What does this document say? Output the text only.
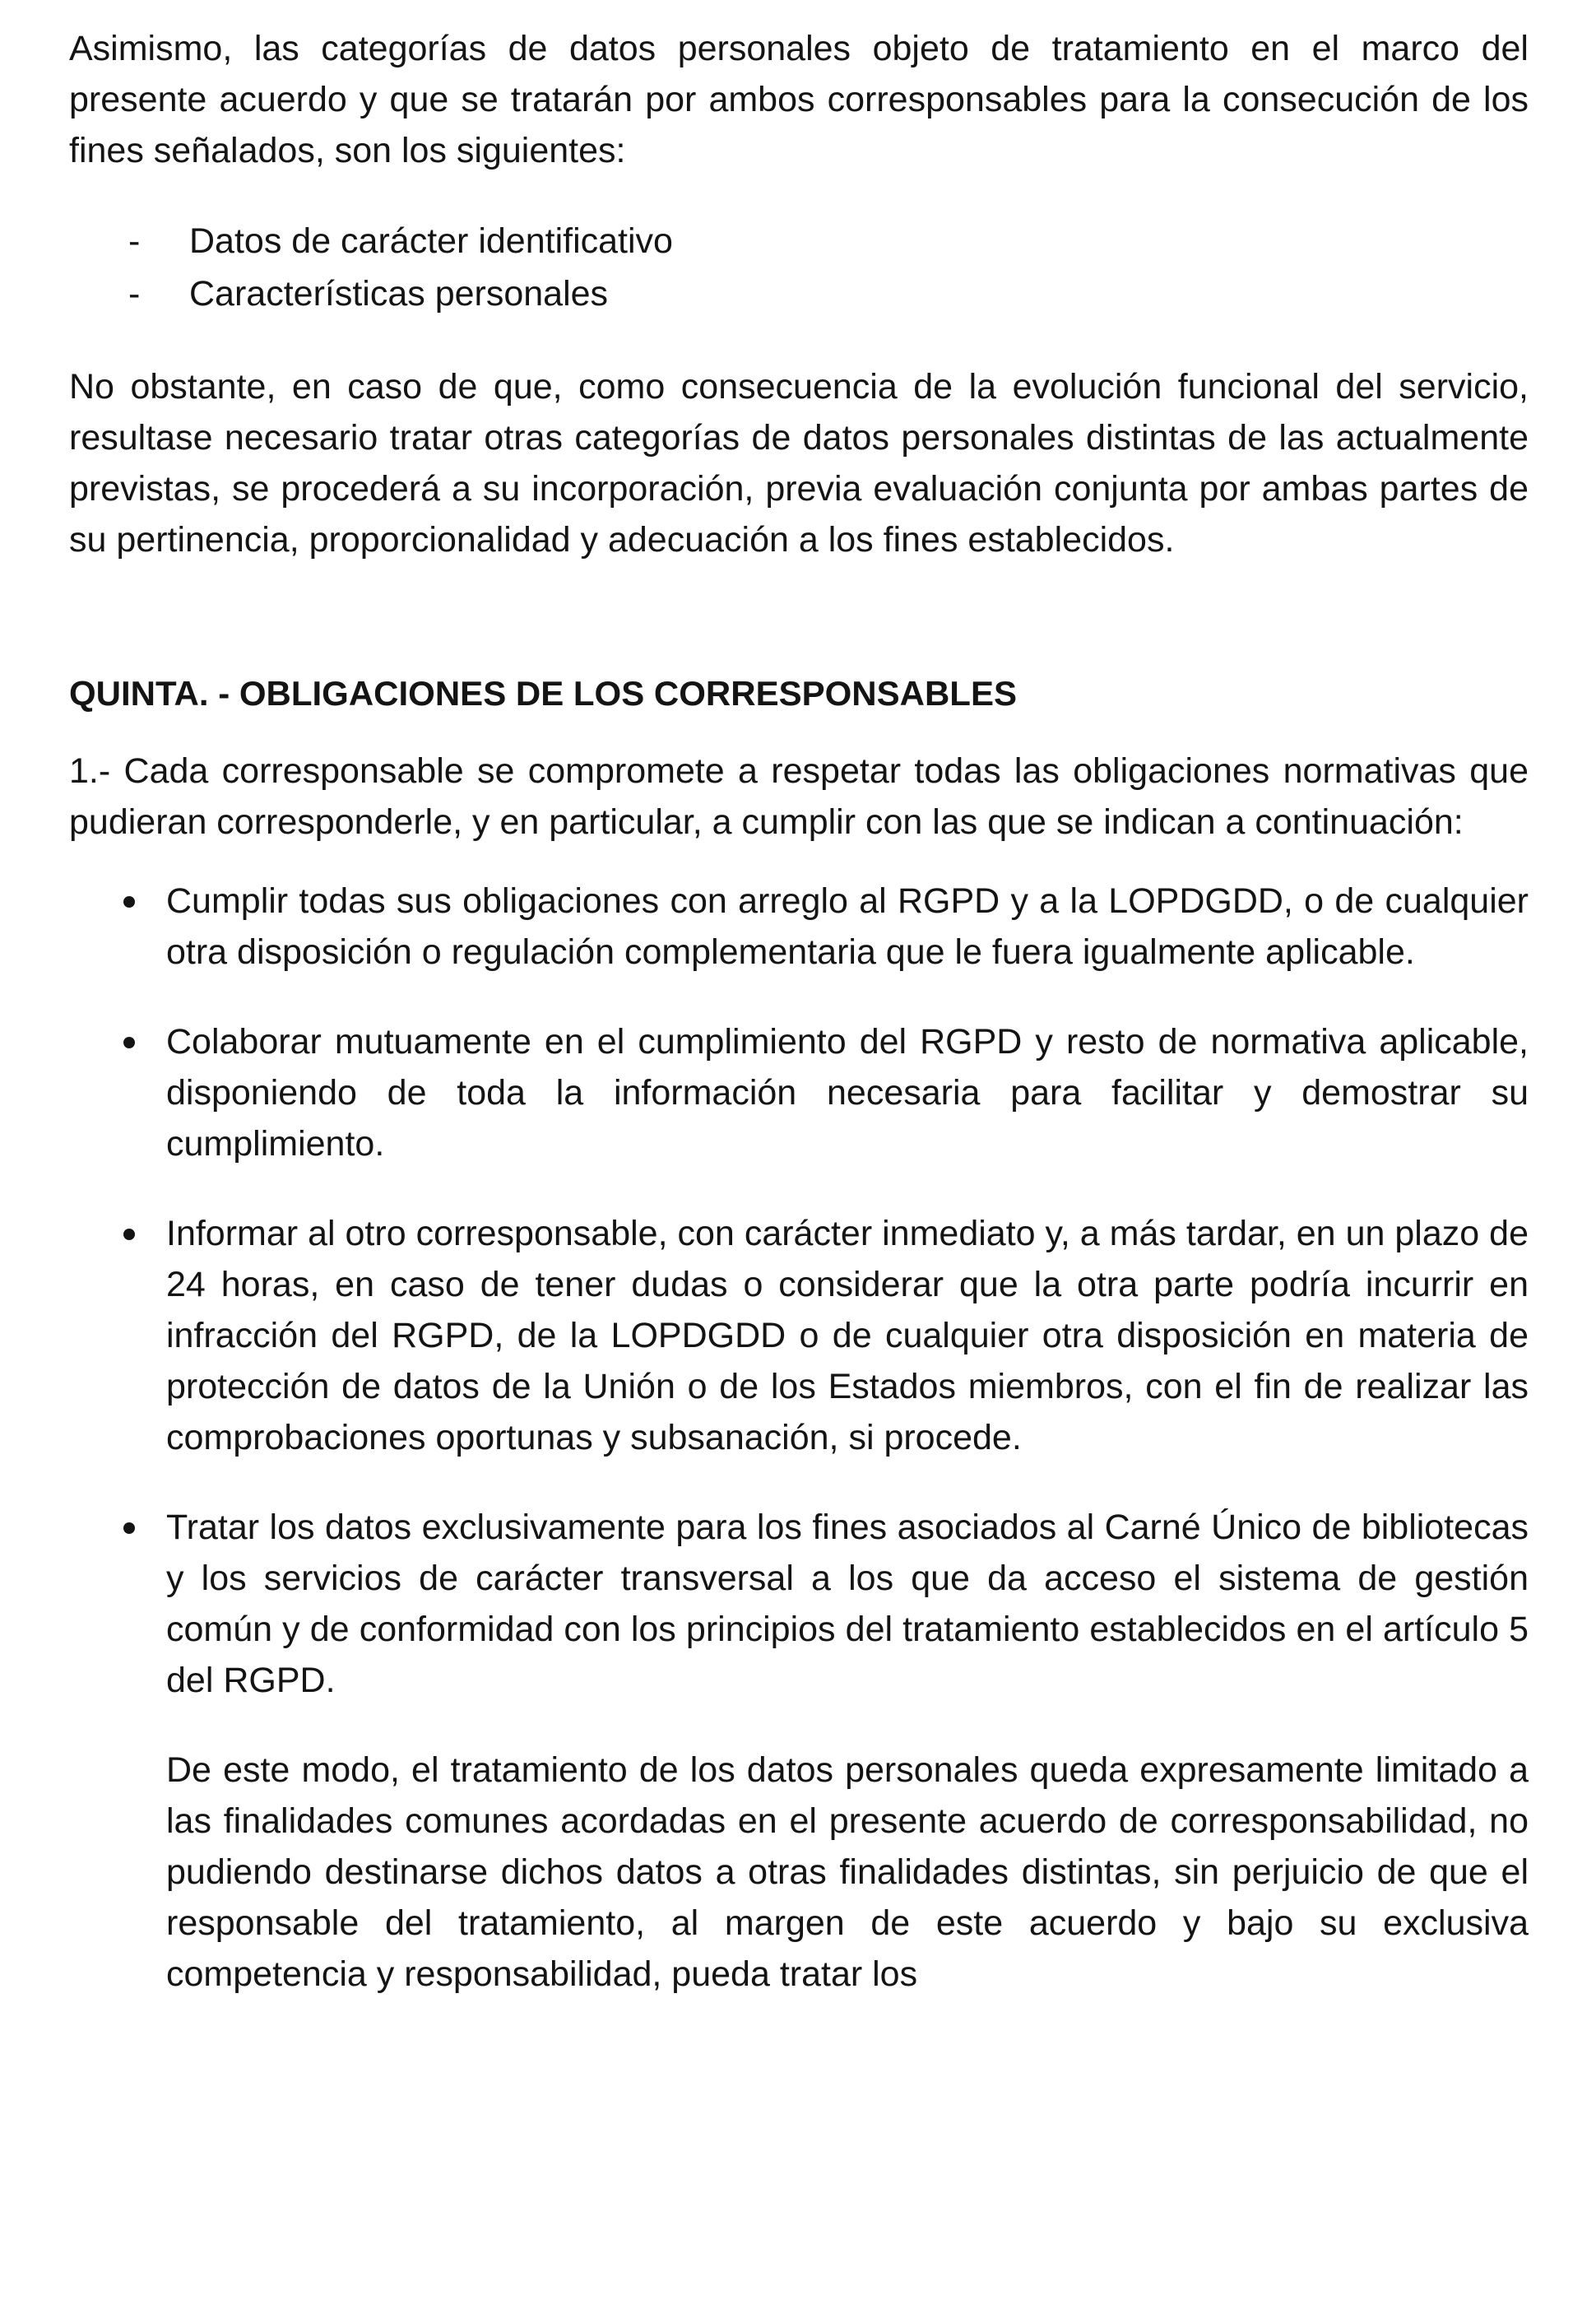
Asimismo, las categorías de datos personales objeto de tratamiento en el marco del presente acuerdo y que se tratarán por ambos corresponsables para la consecución de los fines señalados, son los siguientes:

- Datos de carácter identificativo
- Características personales

No obstante, en caso de que, como consecuencia de la evolución funcional del servicio, resultase necesario tratar otras categorías de datos personales distintas de las actualmente previstas, se procederá a su incorporación, previa evaluación conjunta por ambas partes de su pertinencia, proporcionalidad y adecuación a los fines establecidos.

QUINTA. - OBLIGACIONES DE LOS CORRESPONSABLES

1.- Cada corresponsable se compromete a respetar todas las obligaciones normativas que pudieran corresponderle, y en particular, a cumplir con las que se indican a continuación:

Cumplir todas sus obligaciones con arreglo al RGPD y a la LOPDGDD, o de cualquier otra disposición o regulación complementaria que le fuera igualmente aplicable.
Colaborar mutuamente en el cumplimiento del RGPD y resto de normativa aplicable, disponiendo de toda la información necesaria para facilitar y demostrar su cumplimiento.
Informar al otro corresponsable, con carácter inmediato y, a más tardar, en un plazo de 24 horas, en caso de tener dudas o considerar que la otra parte podría incurrir en infracción del RGPD, de la LOPDGDD o de cualquier otra disposición en materia de protección de datos de la Unión o de los Estados miembros, con el fin de realizar las comprobaciones oportunas y subsanación, si procede.
Tratar los datos exclusivamente para los fines asociados al Carné Único de bibliotecas y los servicios de carácter transversal a los que da acceso el sistema de gestión común y de conformidad con los principios del tratamiento establecidos en el artículo 5 del RGPD.

De este modo, el tratamiento de los datos personales queda expresamente limitado a las finalidades comunes acordadas en el presente acuerdo de corresponsabilidad, no pudiendo destinarse dichos datos a otras finalidades distintas, sin perjuicio de que el responsable del tratamiento, al margen de este acuerdo y bajo su exclusiva competencia y responsabilidad, pueda tratar los
